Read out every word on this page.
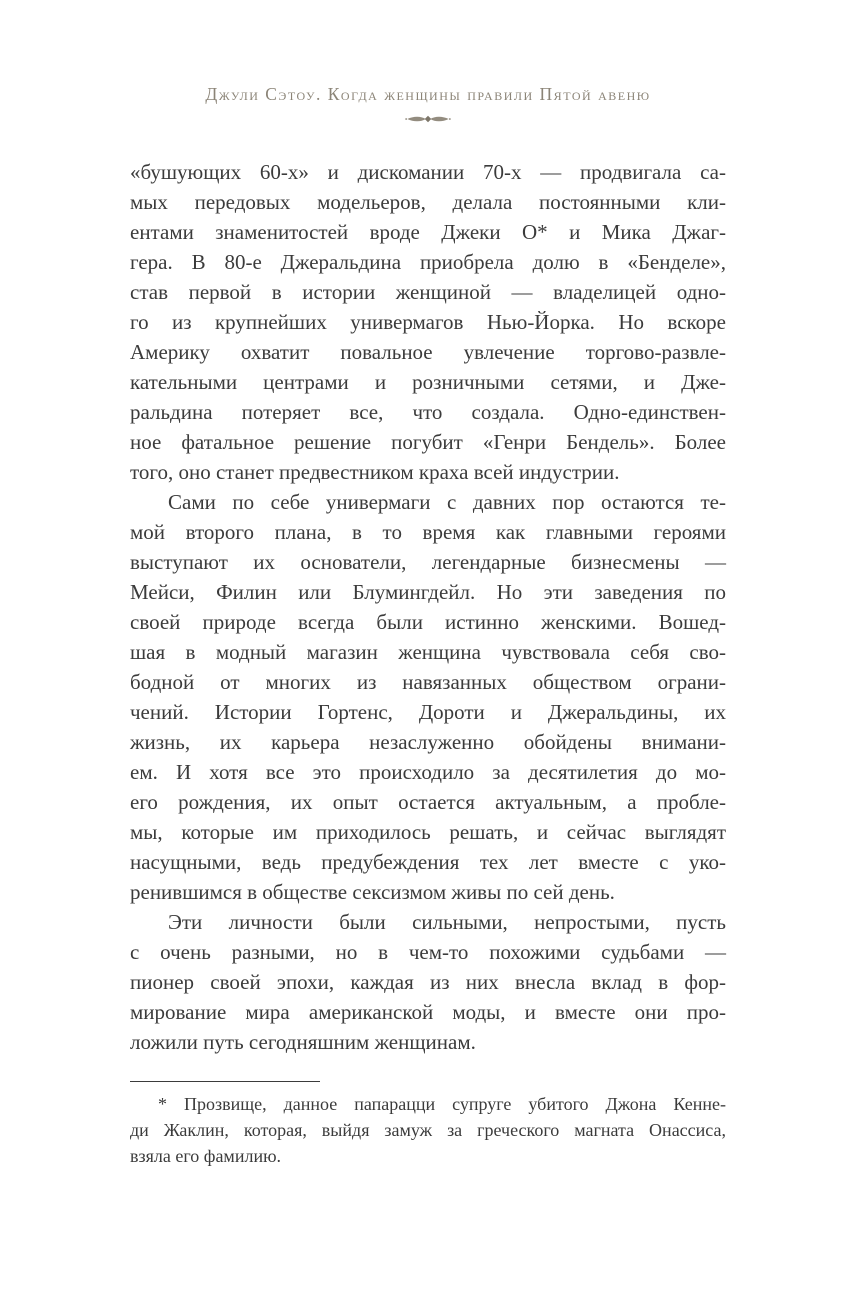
Джули Сэтоу. Когда женщины правили Пятой авеню
«бушующих 60-х» и дискомании 70-х — продвигала са-
мых передовых модельеров, делала постоянными кли-
ентами знаменитостей вроде Джеки О* и Мика Джаг-
гера. В 80-е Джеральдина приобрела долю в «Бенделе»,
став первой в истории женщиной — владелицей одно-
го из крупнейших универмагов Нью-Йорка. Но вскоре
Америку охватит повальное увлечение торгово-развле-
кательными центрами и розничными сетями, и Дже-
ральдина потеряет все, что создала. Одно-единствен-
ное фатальное решение погубит «Генри Бендель». Более
того, оно станет предвестником краха всей индустрии.
Сами по себе универмаги с давних пор остаются те-
мой второго плана, в то время как главными героями
выступают их основатели, легендарные бизнесмены —
Мейси, Филин или Блумингдейл. Но эти заведения по
своей природе всегда были истинно женскими. Вошед-
шая в модный магазин женщина чувствовала себя сво-
бодной от многих из навязанных обществом ограни-
чений. Истории Гортенс, Дороти и Джеральдины, их
жизнь, их карьера незаслуженно обойдены внимани-
ем. И хотя все это происходило за десятилетия до мо-
его рождения, их опыт остается актуальным, а пробле-
мы, которые им приходилось решать, и сейчас выглядят
насущными, ведь предубеждения тех лет вместе с уко-
ренившимся в обществе сексизмом живы по сей день.
Эти личности были сильными, непростыми, пусть
с очень разными, но в чем-то похожими судьбами —
пионер своей эпохи, каждая из них внесла вклад в фор-
мирование мира американской моды, и вместе они про-
ложили путь сегодняшним женщинам.
* Прозвище, данное папарацци супруге убитого Джона Кенне-
ди Жаклин, которая, выйдя замуж за греческого магната Онассиса,
взяла его фамилию.
